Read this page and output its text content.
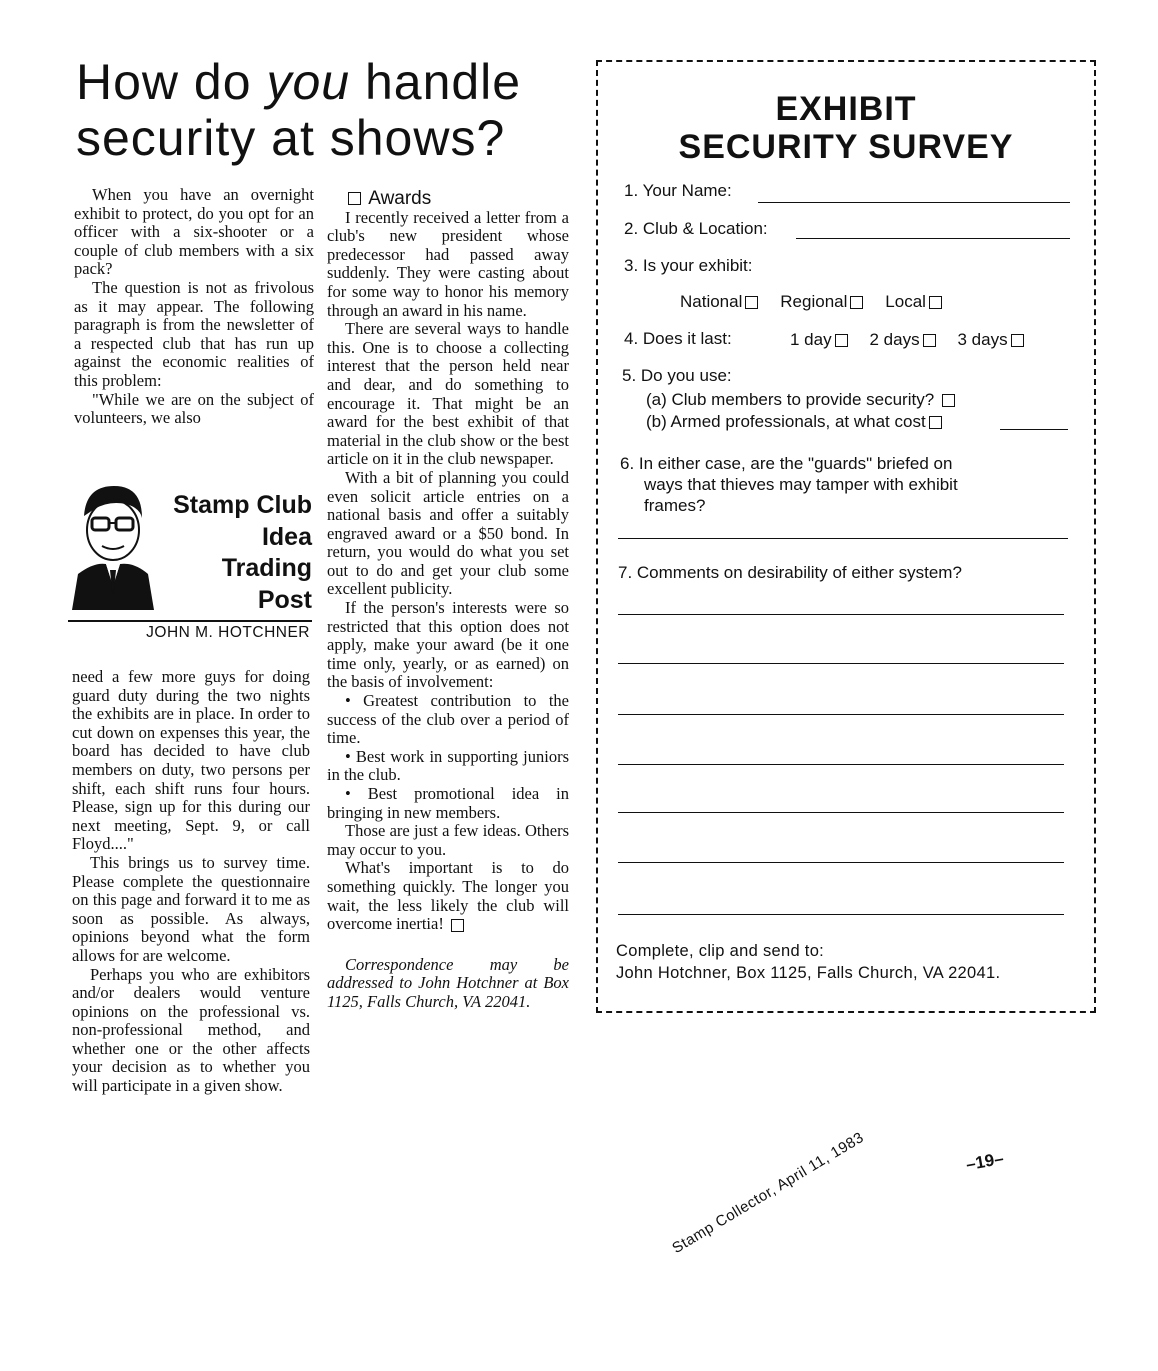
How do you handle security at shows?

When you have an overnight exhibit to protect, do you opt for an officer with a six-shooter or a couple of club members with a six pack?

The question is not as frivolous as it may appear. The following paragraph is from the newsletter of a respected club that has run up against the economic realities of this problem:

"While we are on the subject of volunteers, we also

Stamp Club
Idea
Trading
Post
JOHN M. HOTCHNER

need a few more guys for doing guard duty during the two nights the exhibits are in place. In order to cut down on expenses this year, the board has decided to have club members on duty, two persons per shift, each shift runs four hours. Please, sign up for this during our next meeting, Sept. 9, or call Floyd...."

This brings us to survey time. Please complete the questionnaire on this page and forward it to me as soon as possible. As always, opinions beyond what the form allows for are welcome.

Perhaps you who are exhibitors and/or dealers would venture opinions on the professional vs. non-professional method, and whether one or the other affects your decision as to whether you will participate in a given show.

Awards

I recently received a letter from a club's new president whose predecessor had passed away suddenly. They were casting about for some way to honor his memory through an award in his name.

There are several ways to handle this. One is to choose a collecting interest that the person held near and dear, and do something to encourage it. That might be an award for the best exhibit of that material in the club show or the best article on it in the club newspaper.

With a bit of planning you could even solicit article entries on a national basis and offer a suitably engraved award or a $50 bond. In return, you would do what you set out to do and get your club some excellent publicity.

If the person's interests were so restricted that this option does not apply, make your award (be it one time only, yearly, or as earned) on the basis of involvement:

• Greatest contribution to the success of the club over a period of time.

• Best work in supporting juniors in the club.

• Best promotional idea in bringing in new members.

Those are just a few ideas. Others may occur to you.

What's important is to do something quickly. The longer you wait, the less likely the club will overcome inertia!

Correspondence may be addressed to John Hotchner at Box 1125, Falls Church, VA 22041.

EXHIBIT
SECURITY SURVEY
1. Your Name:
2. Club & Location:
3. Is your exhibit:
National Regional Local
4. Does it last:	1 day 2 days 3 days
5. Do you use:
(a) Club members to provide security?
(b) Armed professionals, at what cost
6. In either case, are the "guards" briefed on
ways that thieves may tamper with exhibit
frames?
7. Comments on desirability of either system?
Complete, clip and send to:
John Hotchner, Box 1125, Falls Church, VA 22041.
–19–
Stamp Collector, April 11, 1983
